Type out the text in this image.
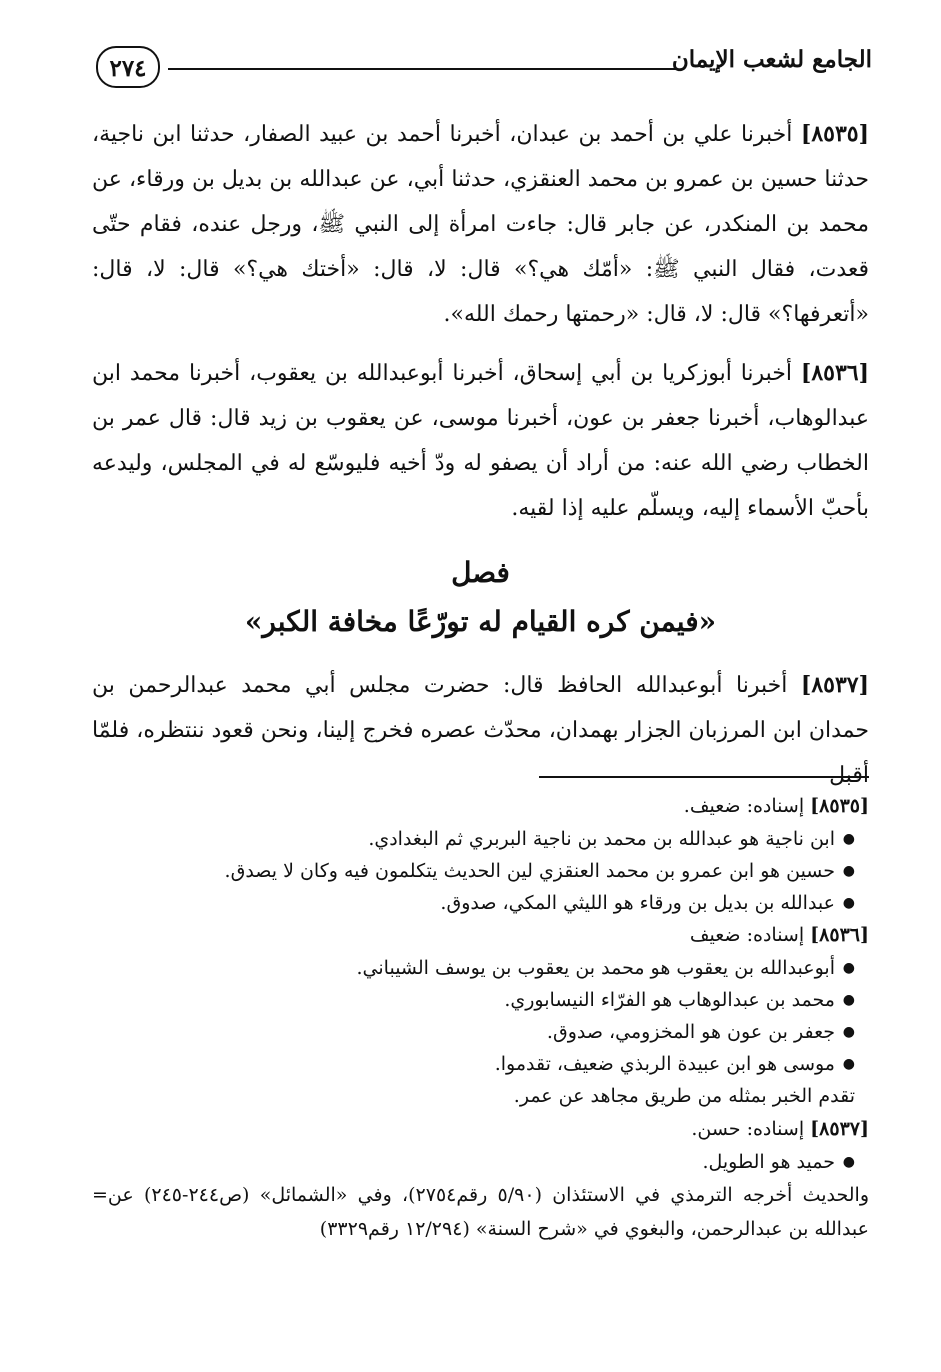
الجامع لشعب الإيمان
٢٧٤

[٨٥٣٥] أخبرنا علي بن أحمد بن عبدان، أخبرنا أحمد بن عبيد الصفار، حدثنا ابن ناجية، حدثنا حسين بن عمرو بن محمد العنقزي، حدثنا أبي، عن عبدالله بن بديل بن ورقاء، عن محمد بن المنكدر، عن جابر قال: جاءت امرأة إلى النبي ﷺ، ورجل عنده، فقام حتّى قعدت، فقال النبي ﷺ: «أمّك هي؟» قال: لا، قال: «أختك هي؟» قال: لا، قال: «أتعرفها؟» قال: لا، قال: «رحمتها رحمك الله».

[٨٥٣٦] أخبرنا أبوزكريا بن أبي إسحاق، أخبرنا أبوعبدالله بن يعقوب، أخبرنا محمد ابن عبدالوهاب، أخبرنا جعفر بن عون، أخبرنا موسى، عن يعقوب بن زيد قال: قال عمر بن الخطاب رضي الله عنه: من أراد أن يصفو له ودّ أخيه فليوسّع له في المجلس، وليدعه بأحبّ الأسماء إليه، ويسلّم عليه إذا لقيه.

فصل
«فيمن كره القيام له تورّعًا مخافة الكبر»

[٨٥٣٧] أخبرنا أبوعبدالله الحافظ قال: حضرت مجلس أبي محمد عبدالرحمن بن حمدان ابن المرزبان الجزار بهمدان، محدّث عصره فخرج إلينا، ونحن قعود ننتظره، فلمّا أقبل

[٨٥٣٥] إسناده: ضعيف.

●
ابن ناجية هو عبدالله بن محمد بن ناجية البربري ثم البغدادي.
●
حسين هو ابن عمرو بن محمد العنقزي لين الحديث يتكلمون فيه وكان لا يصدق.
●
عبدالله بن بديل بن ورقاء هو الليثي المكي، صدوق.

[٨٥٣٦] إسناده: ضعيف

●
أبوعبدالله بن يعقوب هو محمد بن يعقوب بن يوسف الشيباني.
●
محمد بن عبدالوهاب هو الفرّاء النيسابوري.
●
جعفر بن عون هو المخزومي، صدوق.
●
موسى هو ابن عبيدة الربذي ضعيف، تقدموا.

تقدم الخبر بمثله من طريق مجاهد عن عمر.

[٨٥٣٧] إسناده: حسن.

●
حميد هو الطويل.
والحديث أخرجه الترمذي في الاستئذان (٥/٩٠ رقم٢٧٥٤)، وفي «الشمائل» (ص٢٤٤-٢٤٥) عن عبدالله بن عبدالرحمن، والبغوي في «شرح السنة» (١٢/٢٩٤ رقم٣٣٢٩)
=
